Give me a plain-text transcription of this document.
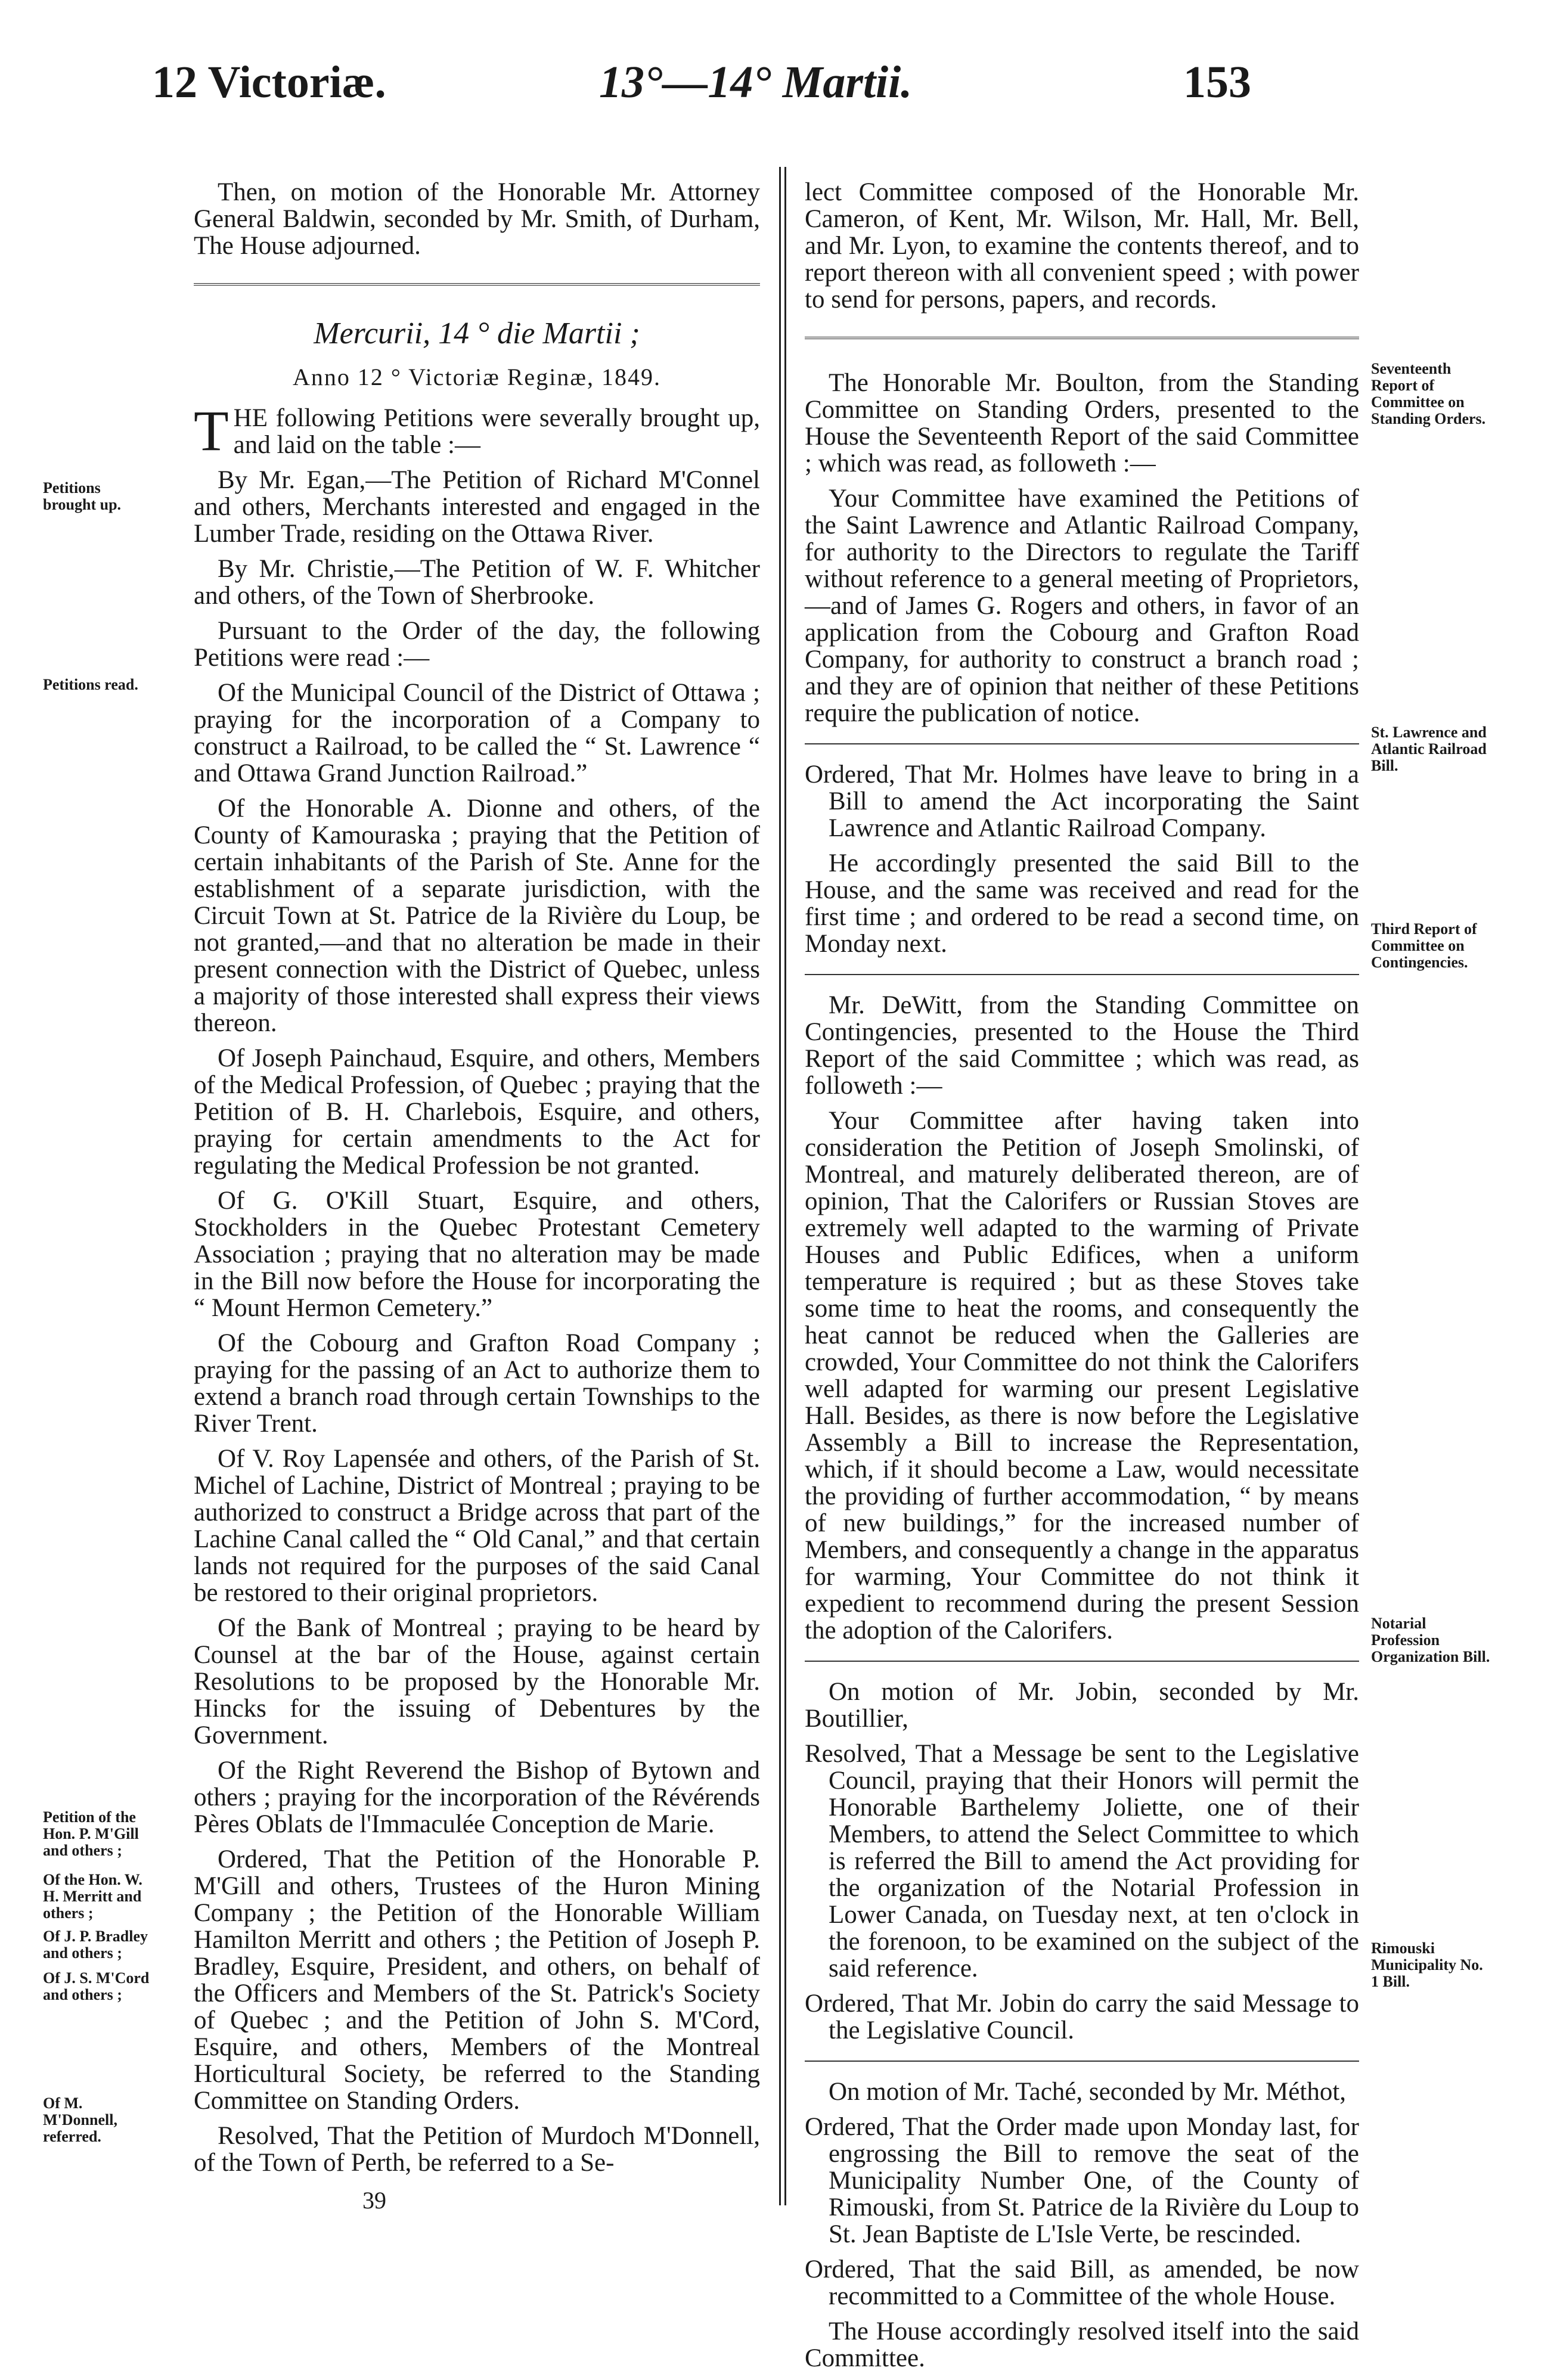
12 Victoriæ.	13°—14° Martii.	153

Then, on motion of the Honorable Mr. Attorney General Baldwin, seconded by Mr. Smith, of Durham, The House adjourned.

Mercurii, 14 ° die Martii ;
Anno 12 ° Victoriæ Reginæ, 1849.

THE following Petitions were severally brought up, and laid on the table :—

By Mr. Egan,—The Petition of Richard M'Connel and others, Merchants interested and engaged in the Lumber Trade, residing on the Ottawa River.

By Mr. Christie,—The Petition of W. F. Whitcher and others, of the Town of Sherbrooke.

Pursuant to the Order of the day, the following Petitions were read :—

Of the Municipal Council of the District of Ottawa ; praying for the incorporation of a Company to construct a Railroad, to be called the “ St. Lawrence “ and Ottawa Grand Junction Railroad.”

Of the Honorable A. Dionne and others, of the County of Kamouraska ; praying that the Petition of certain inhabitants of the Parish of Ste. Anne for the establishment of a separate jurisdiction, with the Circuit Town at St. Patrice de la Rivière du Loup, be not granted,—and that no alteration be made in their present connection with the District of Quebec, unless a majority of those interested shall express their views thereon.

Of Joseph Painchaud, Esquire, and others, Members of the Medical Profession, of Quebec ; praying that the Petition of B. H. Charlebois, Esquire, and others, praying for certain amendments to the Act for regulating the Medical Profession be not granted.

Of G. O'Kill Stuart, Esquire, and others, Stockholders in the Quebec Protestant Cemetery Association ; praying that no alteration may be made in the Bill now before the House for incorporating the “ Mount Hermon Cemetery.”

Of the Cobourg and Grafton Road Company ; praying for the passing of an Act to authorize them to extend a branch road through certain Townships to the River Trent.

Of V. Roy Lapensée and others, of the Parish of St. Michel of Lachine, District of Montreal ; praying to be authorized to construct a Bridge across that part of the Lachine Canal called the “ Old Canal,” and that certain lands not required for the purposes of the said Canal be restored to their original proprietors.

Of the Bank of Montreal ; praying to be heard by Counsel at the bar of the House, against certain Resolutions to be proposed by the Honorable Mr. Hincks for the issuing of Debentures by the Government.

Of the Right Reverend the Bishop of Bytown and others ; praying for the incorporation of the Révérends Pères Oblats de l'Immaculée Conception de Marie.

Ordered, That the Petition of the Honorable P. M'Gill and others, Trustees of the Huron Mining Company ; the Petition of the Honorable William Hamilton Merritt and others ; the Petition of Joseph P. Bradley, Esquire, President, and others, on behalf of the Officers and Members of the St. Patrick's Society of Quebec ; and the Petition of John S. M'Cord, Esquire, and others, Members of the Montreal Horticultural Society, be referred to the Standing Committee on Standing Orders.

Resolved, That the Petition of Murdoch M'Donnell, of the Town of Perth, be referred to a Se-

lect Committee composed of the Honorable Mr. Cameron, of Kent, Mr. Wilson, Mr. Hall, Mr. Bell, and Mr. Lyon, to examine the contents thereof, and to report thereon with all convenient speed ; with power to send for persons, papers, and records.

The Honorable Mr. Boulton, from the Standing Committee on Standing Orders, presented to the House the Seventeenth Report of the said Committee ; which was read, as followeth :—

Your Committee have examined the Petitions of the Saint Lawrence and Atlantic Railroad Company, for authority to the Directors to regulate the Tariff without reference to a general meeting of Proprietors, —and of James G. Rogers and others, in favor of an application from the Cobourg and Grafton Road Company, for authority to construct a branch road ; and they are of opinion that neither of these Petitions require the publication of notice.

Ordered, That Mr. Holmes have leave to bring in a Bill to amend the Act incorporating the Saint Lawrence and Atlantic Railroad Company.

He accordingly presented the said Bill to the House, and the same was received and read for the first time ; and ordered to be read a second time, on Monday next.

Mr. DeWitt, from the Standing Committee on Contingencies, presented to the House the Third Report of the said Committee ; which was read, as followeth :—

Your Committee after having taken into consideration the Petition of Joseph Smolinski, of Montreal, and maturely deliberated thereon, are of opinion, That the Calorifers or Russian Stoves are extremely well adapted to the warming of Private Houses and Public Edifices, when a uniform temperature is required ; but as these Stoves take some time to heat the rooms, and consequently the heat cannot be reduced when the Galleries are crowded, Your Committee do not think the Calorifers well adapted for warming our present Legislative Hall. Besides, as there is now before the Legislative Assembly a Bill to increase the Representation, which, if it should become a Law, would necessitate the providing of further accommodation, “ by means of new buildings,” for the increased number of Members, and consequently a change in the apparatus for warming, Your Committee do not think it expedient to recommend during the present Session the adoption of the Calorifers.

On motion of Mr. Jobin, seconded by Mr. Boutillier,

Resolved, That a Message be sent to the Legislative Council, praying that their Honors will permit the Honorable Barthelemy Joliette, one of their Members, to attend the Select Committee to which is referred the Bill to amend the Act providing for the organization of the Notarial Profession in Lower Canada, on Tuesday next, at ten o'clock in the forenoon, to be examined on the subject of the said reference.

Ordered, That Mr. Jobin do carry the said Message to the Legislative Council.

On motion of Mr. Taché, seconded by Mr. Méthot,

Ordered, That the Order made upon Monday last, for engrossing the Bill to remove the seat of the Municipality Number One, of the County of Rimouski, from St. Patrice de la Rivière du Loup to St. Jean Baptiste de L'Isle Verte, be rescinded.

Ordered, That the said Bill, as amended, be now recommitted to a Committee of the whole House.

The House accordingly resolved itself into the said Committee.

Petitions brought up.
Petitions read.
Petition of the Hon. P. M'Gill and others ;
Of the Hon. W. H. Merritt and others ;
Of J. P. Bradley and others ;
Of J. S. M'Cord and others ;
Of M. M'Donnell, referred.
Seventeenth Report of Committee on Standing Orders.
St. Lawrence and Atlantic Railroad Bill.
Third Report of Committee on Contingencies.
Notarial Profession Organization Bill.
Rimouski Municipality No. 1 Bill.
39
